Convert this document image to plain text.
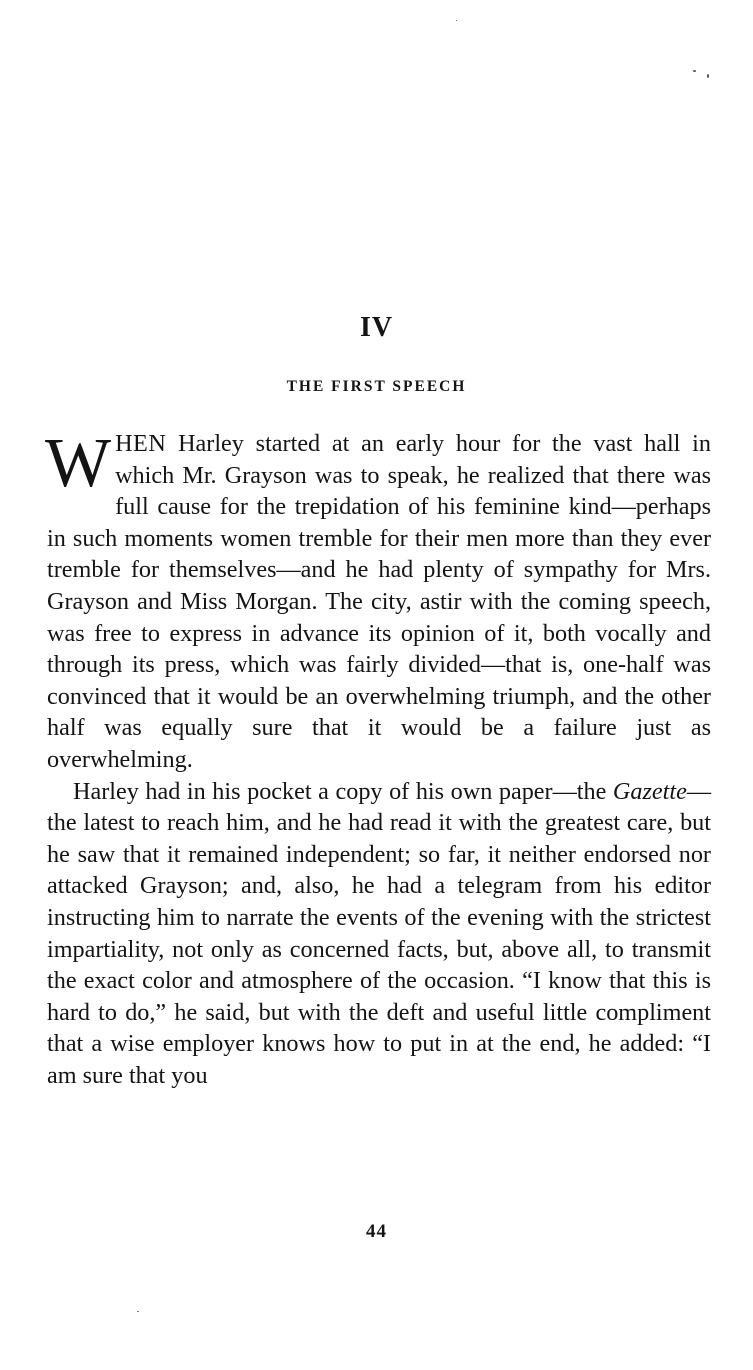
IV
THE FIRST SPEECH

WHEN Harley started at an early hour for the vast hall in which Mr. Grayson was to speak, he realized that there was full cause for the trepidation of his feminine kind—perhaps in such moments women tremble for their men more than they ever tremble for themselves—and he had plenty of sympathy for Mrs. Grayson and Miss Morgan. The city, astir with the coming speech, was free to express in advance its opinion of it, both vocally and through its press, which was fairly divided—that is, one-half was convinced that it would be an overwhelming triumph, and the other half was equally sure that it would be a failure just as overwhelming.

Harley had in his pocket a copy of his own paper—the Gazette—the latest to reach him, and he had read it with the greatest care, but he saw that it remained independent; so far, it neither endorsed nor attacked Grayson; and, also, he had a telegram from his editor instructing him to narrate the events of the evening with the strictest impartiality, not only as concerned facts, but, above all, to transmit the exact color and atmosphere of the occasion. “I know that this is hard to do,” he said, but with the deft and useful little compliment that a wise employer knows how to put in at the end, he added: “I am sure that you

44
